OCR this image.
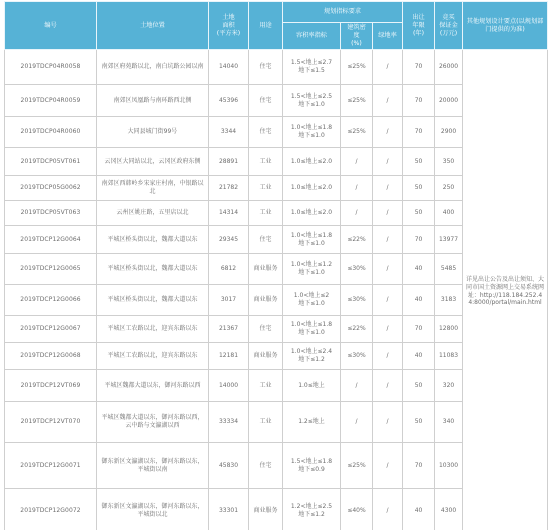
编号	土地位置	土地
面积
(平方米)	用途	规划指标要求			出让
年限
(年)	竞买
保证金
(万元)	其他规划设计要点(以规划部门提供的为准)
				容积率指标	建筑密
度
(%)	绿地率			
2019TDCP04R0058	南郊区府苑路以北，南白坑路公园以南	14040	住宅	1.5<地上≤2.7
地下≤1.5	≤25%	/	70	26000	详见出让公告及出让须知、大同市国土资源网上交易系统网址：http://118.184.252.44:8000/portal/main.html
2019TDCP04R0059	南郊区凤凰路与南环路西北侧	45396	住宅	1.5<地上≤2.5
地下≤1.0	≤25%	/	70	20000	
2019TDCP04R0060	大同县城门街99号	3344	住宅	1.0<地上≤1.8
地下≤1.0	≤25%	/	70	2900	
2019TDCP05VT061	云冈区大同站以北，云冈区政府东侧	28891	工业	1.0≤地上≤2.0	/	/	50	350	
2019TDCP05G0062	南郊区西韩岭乡宋家庄村南，中银路以北	21782	工业	1.0≤地上≤2.0	/	/	50	250	
2019TDCP05VT063	云州区姚庄路，五里店以北	14314	工业	1.0≤地上≤2.0	/	/	50	400	
2019TDCP12G0064	平城区桥头街以北，魏都大道以东	29345	住宅	1.0<地上≤1.8
地下≤1.0	≤22%	/	70	13977	
2019TDCP12G0065	平城区桥头街以北，魏都大道以东	6812	商业服务	1.0<地上≤1.2
地下≤1.0	≤30%	/	40	5485	
2019TDCP12G0066	平城区桥头街以北，魏都大道以东	3017	商业服务	1.0<地上≤2
地下≤1.0	≤30%	/	40	3183	
2019TDCP12G0067	平城区工农路以北，迎宾东路以东	21367	住宅	1.0<地上≤1.8
地下≤1.0	≤22%	/	70	12800	
2019TDCP12G0068	平城区工农路以北，迎宾东路以东	12181	商业服务	1.0<地上≤2.4
地下≤1.2	≤30%	/	40	11083	
2019TDCP12VT069	平城区魏都大道以东，御河东路以西	14000	工业	1.0≤地上	/	/	50	320	
2019TDCP12VT070	平城区魏都大道以东，御河东路以西，云中路与文瀛湖以西	33334	工业	1.2≤地上	/	/	50	340	
2019TDCP12G0071	御东新区文瀛湖以东，御河东路以东，平城街以南	45830	住宅	1.5<地上≤1.8
地下≤0.9	≤25%	/	70	10300	
2019TDCP12G0072	御东新区文瀛湖以东，御河东路以东，平城街以北	33301	商业服务	1.2<地上≤2.5
地下≤1.2	≤40%	/	40	4300	
